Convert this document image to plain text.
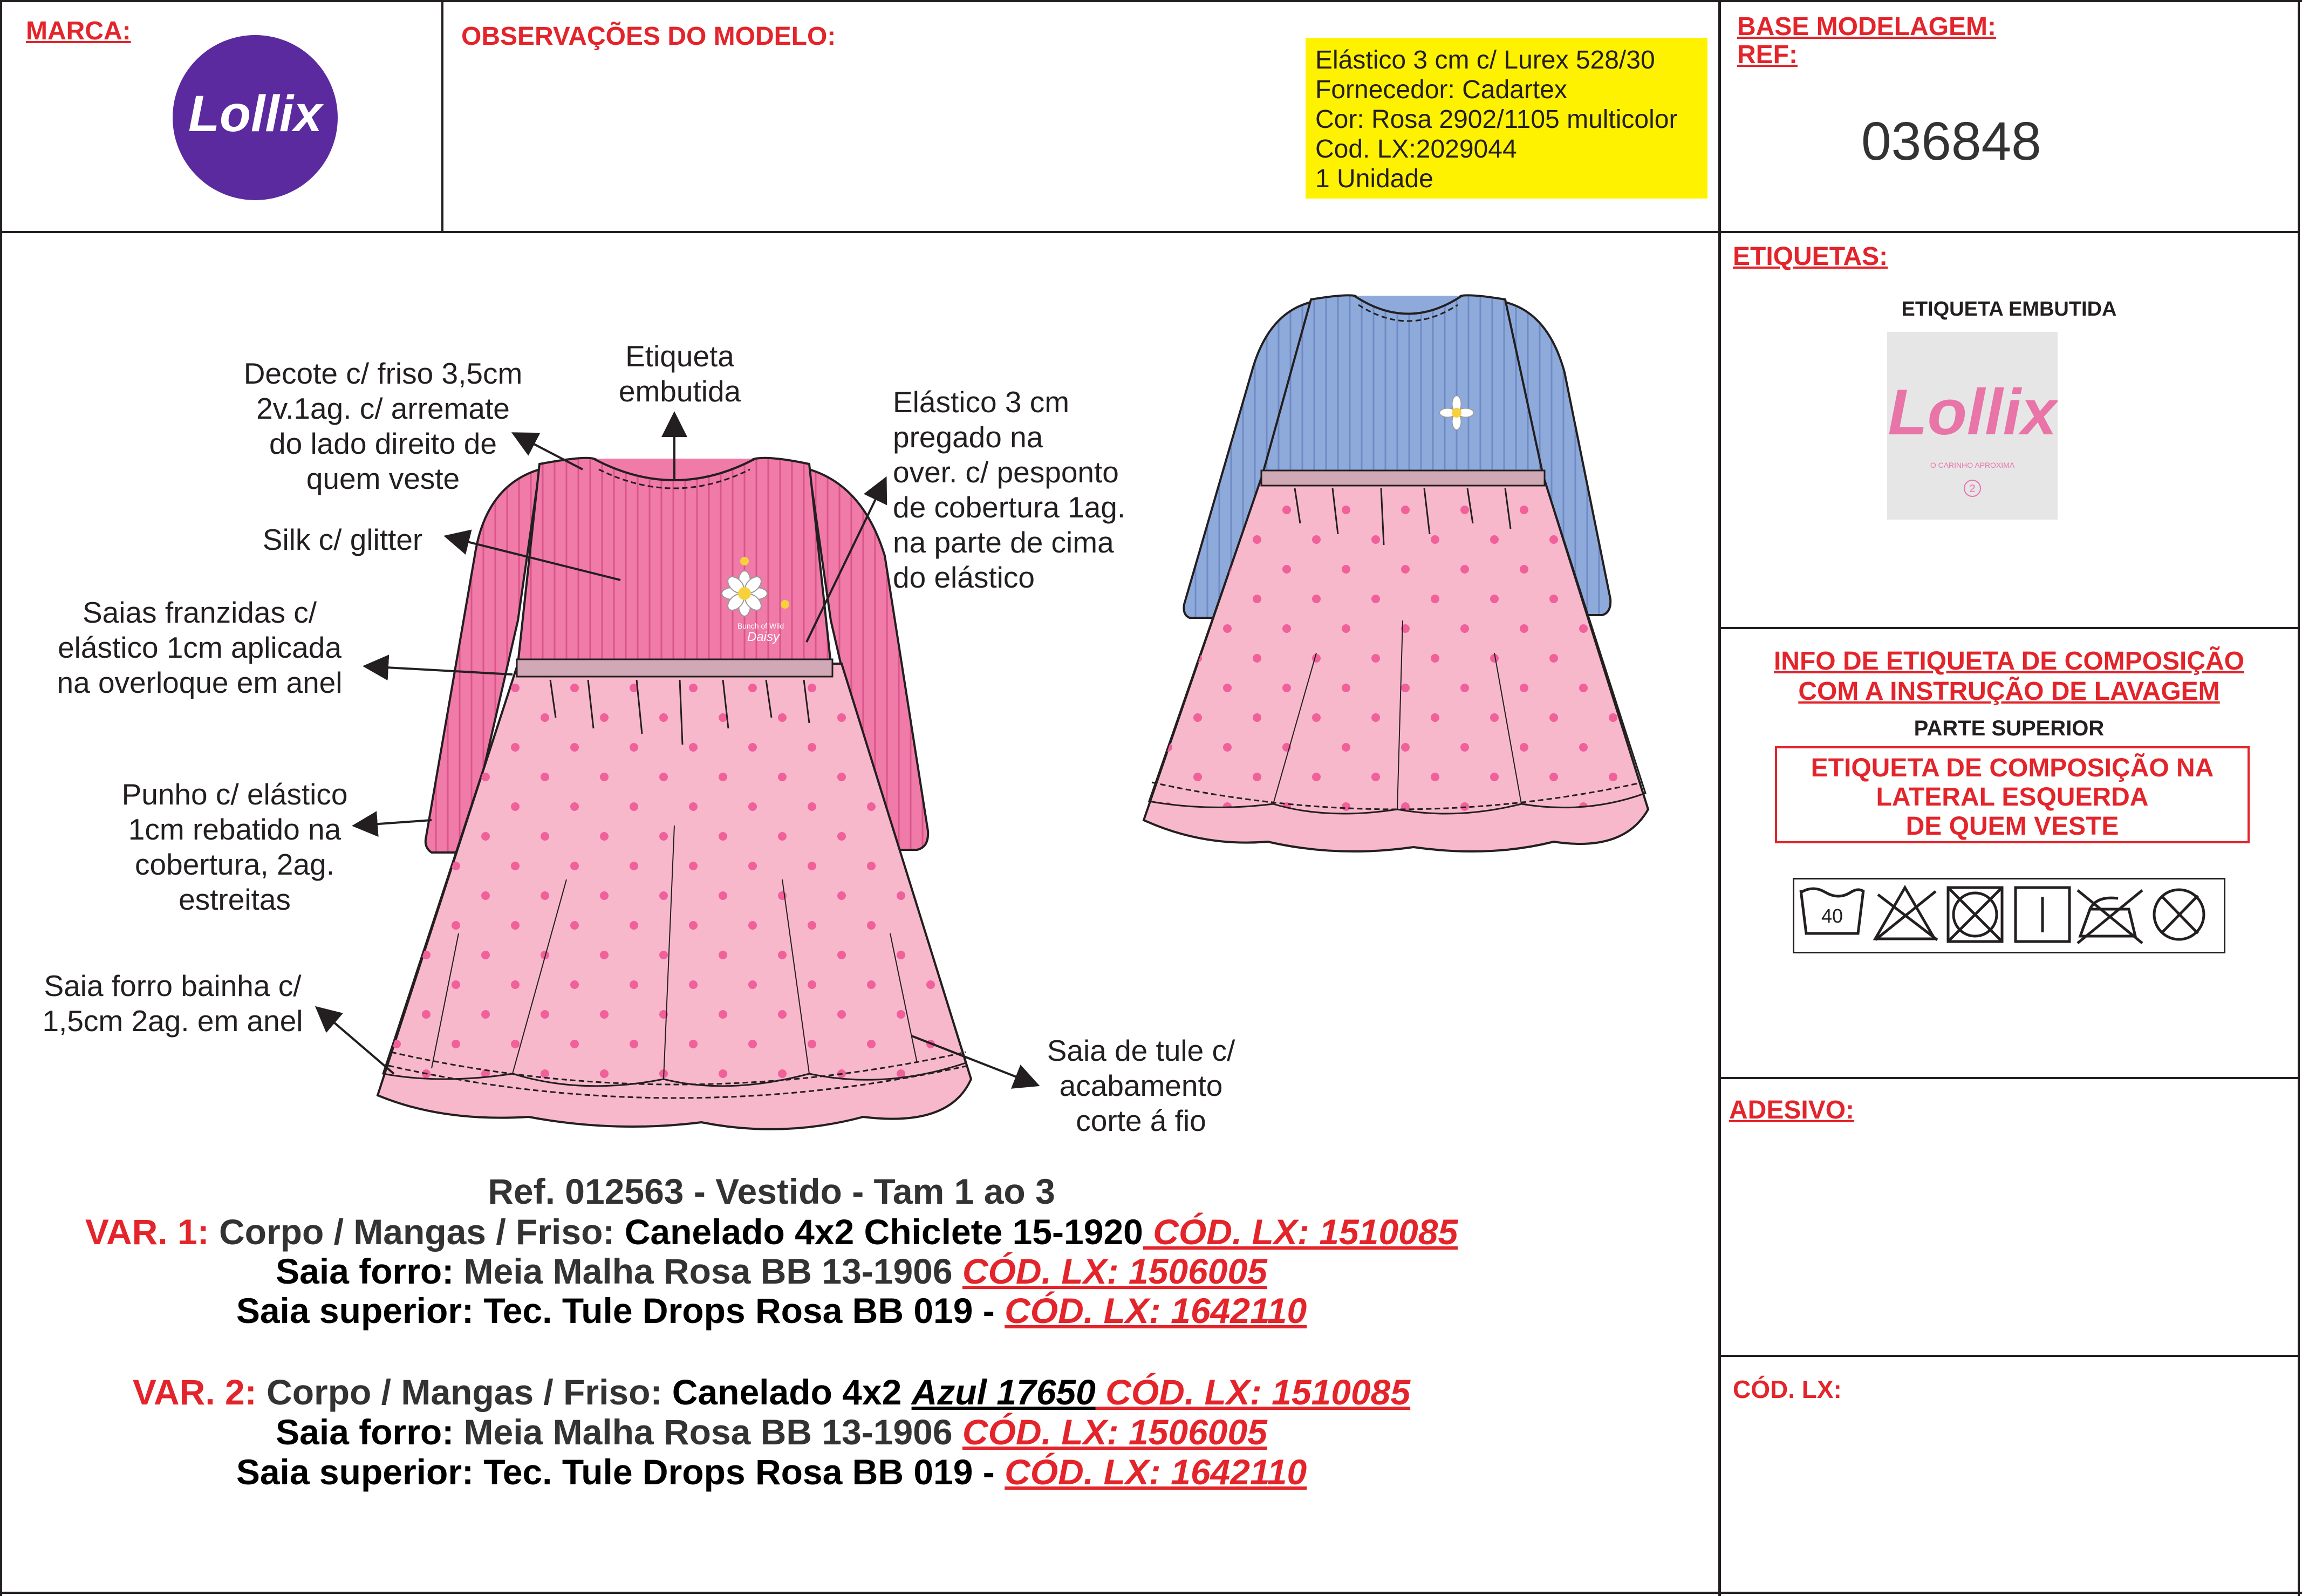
MARCA:
Lollix
OBSERVAÇÕES DO MODELO:
Elástico 3 cm c/ Lurex 528/30
Fornecedor: Cadartex
Cor: Rosa 2902/1105 multicolor
Cod. LX:2029044
1 Unidade
BASE MODELAGEM:
REF:
036848
ETIQUETAS:
ETIQUETA EMBUTIDA
Lollix
O CARINHO APROXIMA
2
INFO DE ETIQUETA DE COMPOSIÇÃO
COM A INSTRUÇÃO DE LAVAGEM
PARTE SUPERIOR
ETIQUETA DE COMPOSIÇÃO NA
LATERAL ESQUERDA
DE QUEM VESTE
40
ADESIVO:
CÓD. LX:
Bunch of Wild
Daisy
Decote c/ friso 3,5cm
2v.1ag. c/ arremate
do lado direito de
quem veste
Etiqueta
embutida	Elástico 3 cm
pregado na
over. c/ pesponto
de cobertura 1ag.
na parte de cima
do elástico
Silk c/ glitter
Saias franzidas c/
elástico 1cm aplicada
na overloque em anel
Punho c/ elástico
1cm rebatido na
cobertura, 2ag.
estreitas
Saia forro bainha c/
1,5cm 2ag. em anel
Saia de tule c/
acabamento
corte á fio
Ref. 012563 - Vestido - Tam 1 ao 3
VAR. 1: Corpo / Mangas / Friso: Canelado 4x2 Chiclete 15-1920 CÓD. LX: 1510085
Saia forro: Meia Malha Rosa BB 13-1906 CÓD. LX: 1506005
Saia superior: Tec. Tule Drops Rosa BB 019 - CÓD. LX: 1642110
VAR. 2: Corpo / Mangas / Friso: Canelado 4x2 Azul 17650 CÓD. LX: 1510085
Saia forro: Meia Malha Rosa BB 13-1906 CÓD. LX: 1506005
Saia superior: Tec. Tule Drops Rosa BB 019 - CÓD. LX: 1642110
